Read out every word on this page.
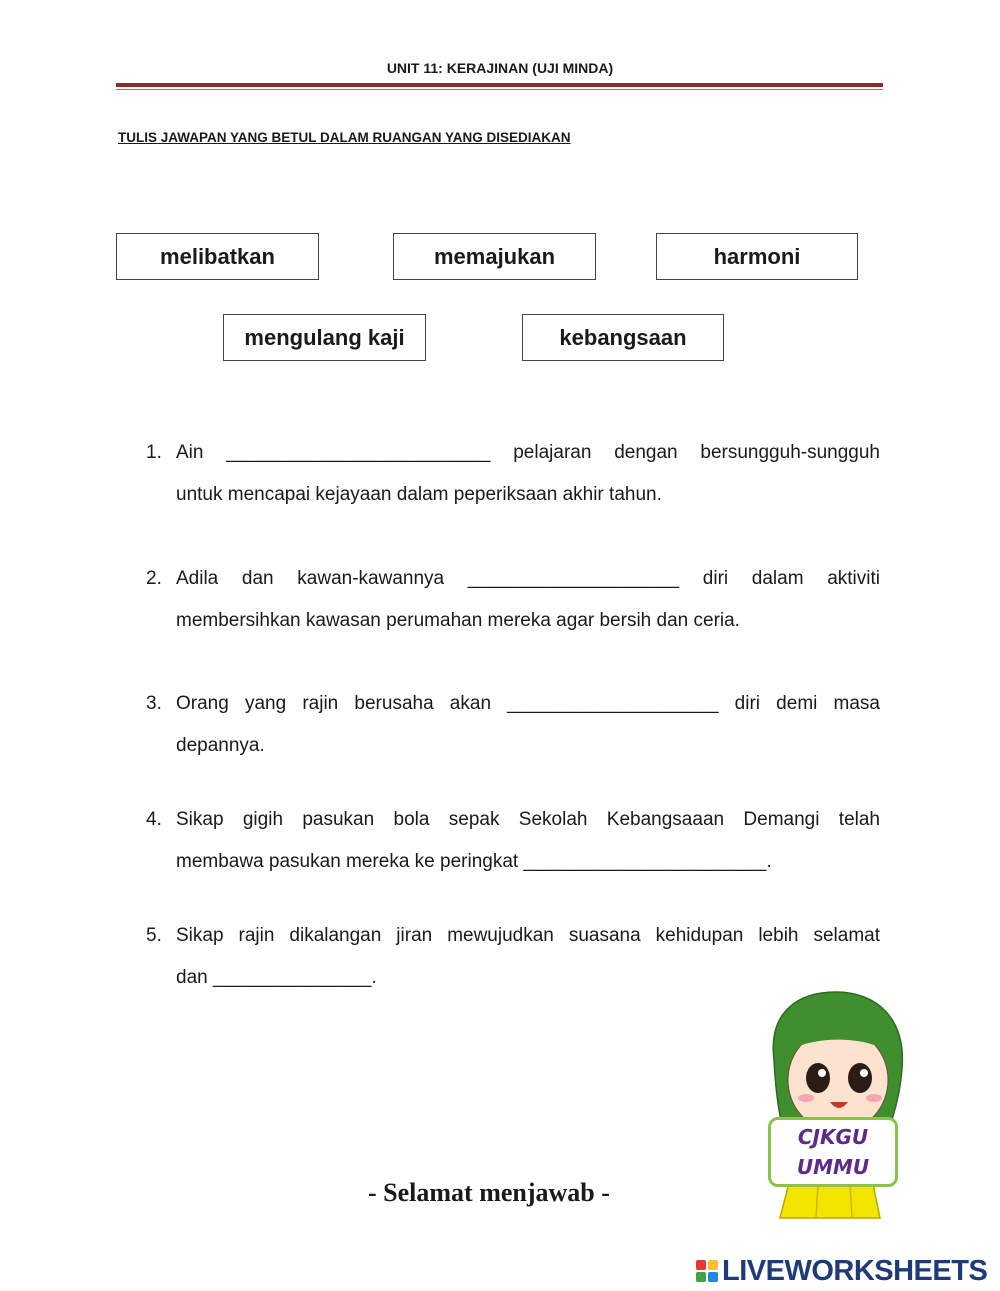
UNIT 11: KERAJINAN (UJI MINDA)
TULIS JAWAPAN YANG BETUL DALAM RUANGAN YANG DISEDIAKAN
melibatkan	memajukan	harmoni
mengulang kaji	kebangsaan
1. Ain _________________________ pelajaran dengan bersungguh-sungguh
untuk mencapai kejayaan dalam peperiksaan akhir tahun.
2. Adila dan kawan-kawannya ____________________ diri dalam aktiviti
membersihkan kawasan perumahan mereka agar bersih dan ceria.
3. Orang yang rajin berusaha akan ____________________ diri demi masa
depannya.
4. Sikap gigih pasukan bola sepak Sekolah Kebangsaaan Demangi telah
membawa pasukan mereka ke peringkat _______________________.
5. Sikap rajin dikalangan jiran mewujudkan suasana kehidupan lebih selamat
dan _______________.
CJKGU
UMMU
- Selamat menjawab -
LIVEWORKSHEETS
